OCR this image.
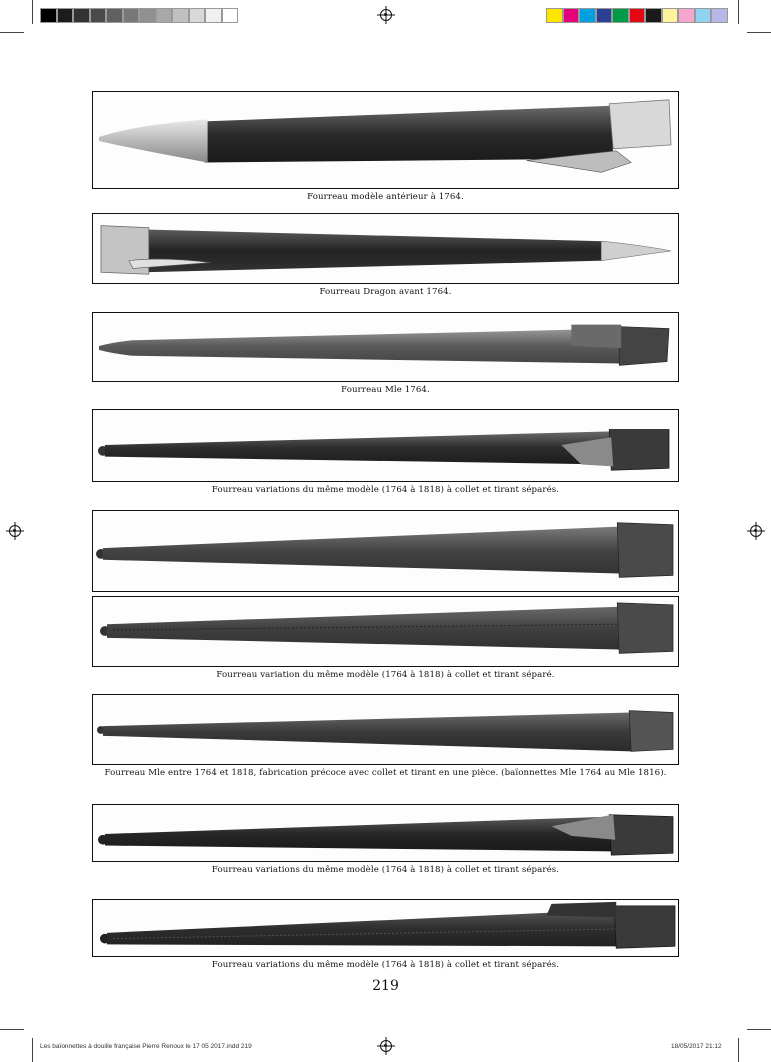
Fourreau modèle antérieur à 1764.
Fourreau Dragon avant 1764.
Fourreau Mle 1764.
Fourreau variations du même modèle (1764 à 1818) à collet et tirant séparés.
Fourreau variation du même modèle (1764 à 1818) à collet et tirant séparé.
Fourreau Mle entre 1764 et 1818, fabrication précoce avec collet et tirant en une pièce. (baïonnettes Mle 1764 au Mle 1816).
Fourreau variations du même modèle (1764 à 1818) à collet et tirant séparés.
Fourreau variations du même modèle (1764 à 1818) à collet et tirant séparés.
219
Les baïonnettes à douille française Pierre Renoux le 17 05 2017.indd 219	18/05/2017 21:12
